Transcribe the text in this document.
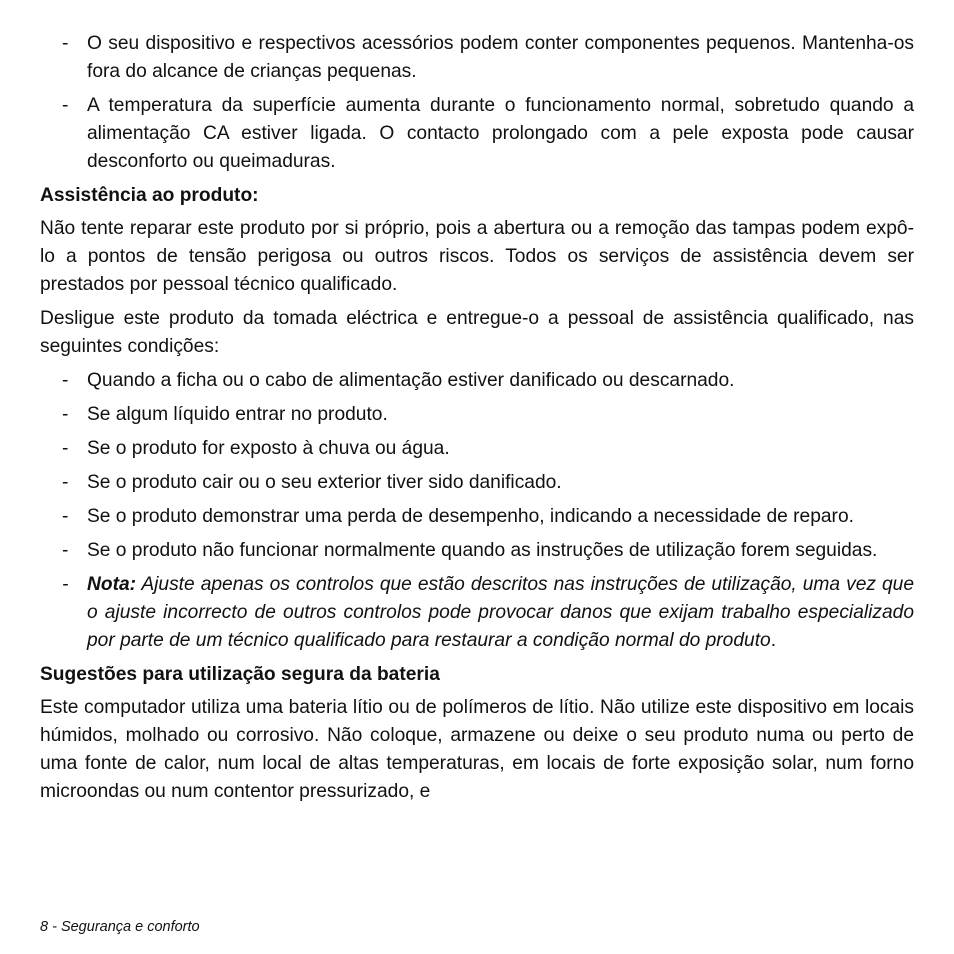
- O seu dispositivo e respectivos acessórios podem conter componentes pequenos. Mantenha-os fora do alcance de crianças pequenas.
- A temperatura da superfície aumenta durante o funcionamento normal, sobretudo quando a alimentação CA estiver ligada. O contacto prolongado com a pele exposta pode causar desconforto ou queimaduras.

Assistência ao produto:

Não tente reparar este produto por si próprio, pois a abertura ou a remoção das tampas podem expô-lo a pontos de tensão perigosa ou outros riscos. Todos os serviços de assistência devem ser prestados por pessoal técnico qualificado.

Desligue este produto da tomada eléctrica e entregue-o a pessoal de assistência qualificado, nas seguintes condições:

- Quando a ficha ou o cabo de alimentação estiver danificado ou descarnado.
- Se algum líquido entrar no produto.
- Se o produto for exposto à chuva ou água.
- Se o produto cair ou o seu exterior tiver sido danificado.
- Se o produto demonstrar uma perda de desempenho, indicando a necessidade de reparo.
- Se o produto não funcionar normalmente quando as instruções de utilização forem seguidas.
- Nota: Ajuste apenas os controlos que estão descritos nas instruções de utilização, uma vez que o ajuste incorrecto de outros controlos pode provocar danos que exijam trabalho especializado por parte de um técnico qualificado para restaurar a condição normal do produto.

Sugestões para utilização segura da bateria

Este computador utiliza uma bateria lítio ou de polímeros de lítio. Não utilize este dispositivo em locais húmidos, molhado ou corrosivo. Não coloque, armazene ou deixe o seu produto numa ou perto de uma fonte de calor, num local de altas temperaturas, em locais de forte exposição solar, num forno microondas ou num contentor pressurizado, e

8 - Segurança e conforto
